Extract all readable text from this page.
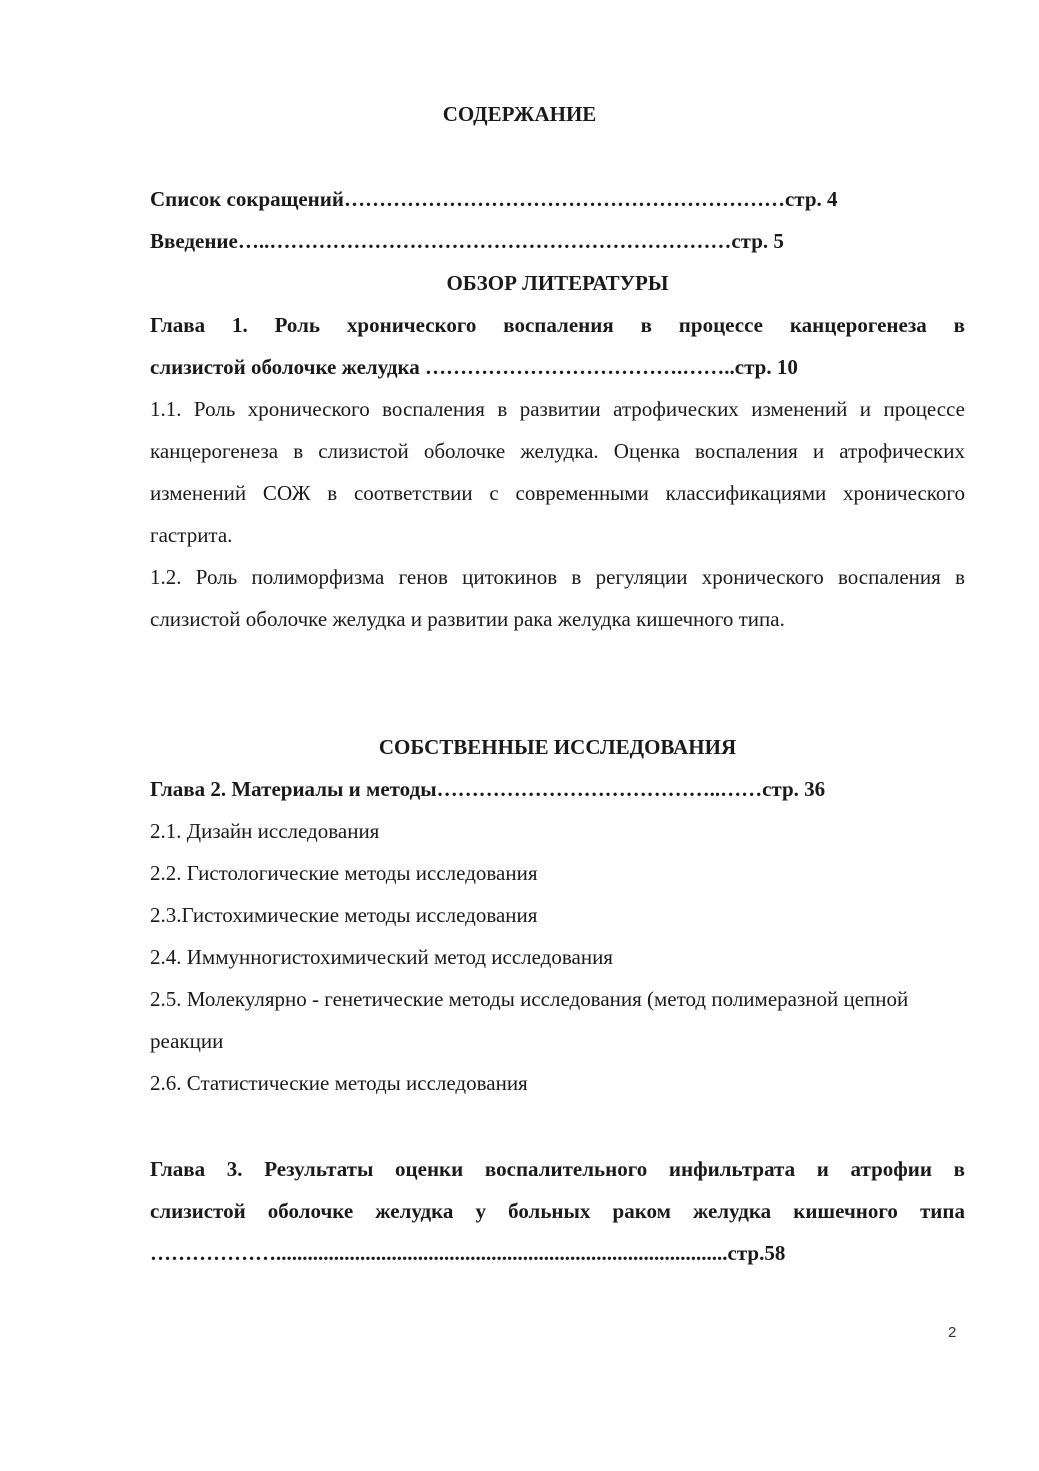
СОДЕРЖАНИЕ
Список сокращений………………………………………………………стр. 4
Введение…..…………………………………………………………стр. 5
ОБЗОР ЛИТЕРАТУРЫ
Глава 1. Роль хронического воспаления в процессе канцерогенеза в
слизистой оболочке желудка ……………………………….……..стр. 10
1.1. Роль хронического воспаления в развитии атрофических изменений и процессе канцерогенеза в слизистой оболочке желудка. Оценка воспаления и атрофических изменений СОЖ в соответствии с современными классификациями хронического гастрита.
1.2. Роль полиморфизма генов цитокинов в регуляции хронического воспаления в слизистой оболочке желудка и развитии рака желудка кишечного типа.
СОБСТВЕННЫЕ ИССЛЕДОВАНИЯ
Глава 2. Материалы и методы…………………………………..……стр. 36
2.1. Дизайн исследования
2.2. Гистологические методы исследования
2.3.Гистохимические методы исследования
2.4. Иммунногистохимический метод исследования
2.5. Молекулярно - генетические методы исследования (метод полимеразной цепной реакции
2.6. Статистические методы исследования
Глава 3. Результаты оценки воспалительного инфильтрата и атрофии в
слизистой оболочке желудка у больных раком желудка кишечного типа
………………......................................................................................стр.58
2
